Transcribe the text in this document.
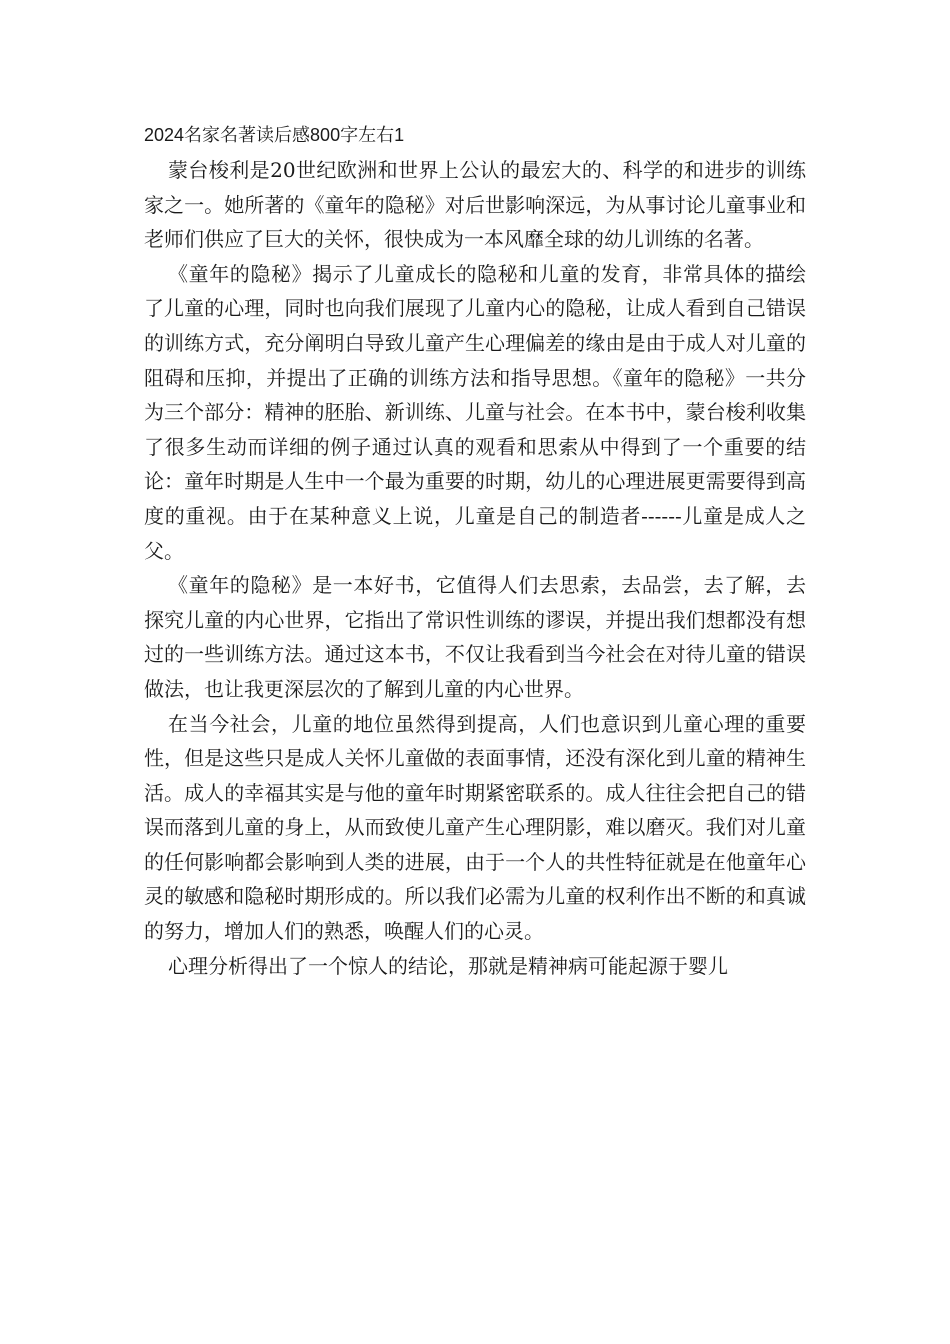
2024名家名著读后感800字左右1

蒙台梭利是20世纪欧洲和世界上公认的最宏大的、科学的和进步的训练家之一。她所著的《童年的隐秘》对后世影响深远，为从事讨论儿童事业和老师们供应了巨大的关怀，很快成为一本风靡全球的幼儿训练的名著。

《童年的隐秘》揭示了儿童成长的隐秘和儿童的发育，非常具体的描绘了儿童的心理，同时也向我们展现了儿童内心的隐秘，让成人看到自己错误的训练方式，充分阐明白导致儿童产生心理偏差的缘由是由于成人对儿童的阻碍和压抑，并提出了正确的训练方法和指导思想。《童年的隐秘》一共分为三个部分：精神的胚胎、新训练、儿童与社会。在本书中，蒙台梭利收集了很多生动而详细的例子通过认真的观看和思索从中得到了一个重要的结论：童年时期是人生中一个最为重要的时期，幼儿的心理进展更需要得到高度的重视。由于在某种意义上说，儿童是自己的制造者------儿童是成人之父。

《童年的隐秘》是一本好书，它值得人们去思索，去品尝，去了解，去探究儿童的内心世界，它指出了常识性训练的谬误，并提出我们想都没有想过的一些训练方法。通过这本书，不仅让我看到当今社会在对待儿童的错误做法，也让我更深层次的了解到儿童的内心世界。

在当今社会，儿童的地位虽然得到提高，人们也意识到儿童心理的重要性，但是这些只是成人关怀儿童做的表面事情，还没有深化到儿童的精神生活。成人的幸福其实是与他的童年时期紧密联系的。成人往往会把自己的错误而落到儿童的身上，从而致使儿童产生心理阴影，难以磨灭。我们对儿童的任何影响都会影响到人类的进展，由于一个人的共性特征就是在他童年心灵的敏感和隐秘时期形成的。所以我们必需为儿童的权利作出不断的和真诚的努力，增加人们的熟悉，唤醒人们的心灵。

心理分析得出了一个惊人的结论，那就是精神病可能起源于婴儿
